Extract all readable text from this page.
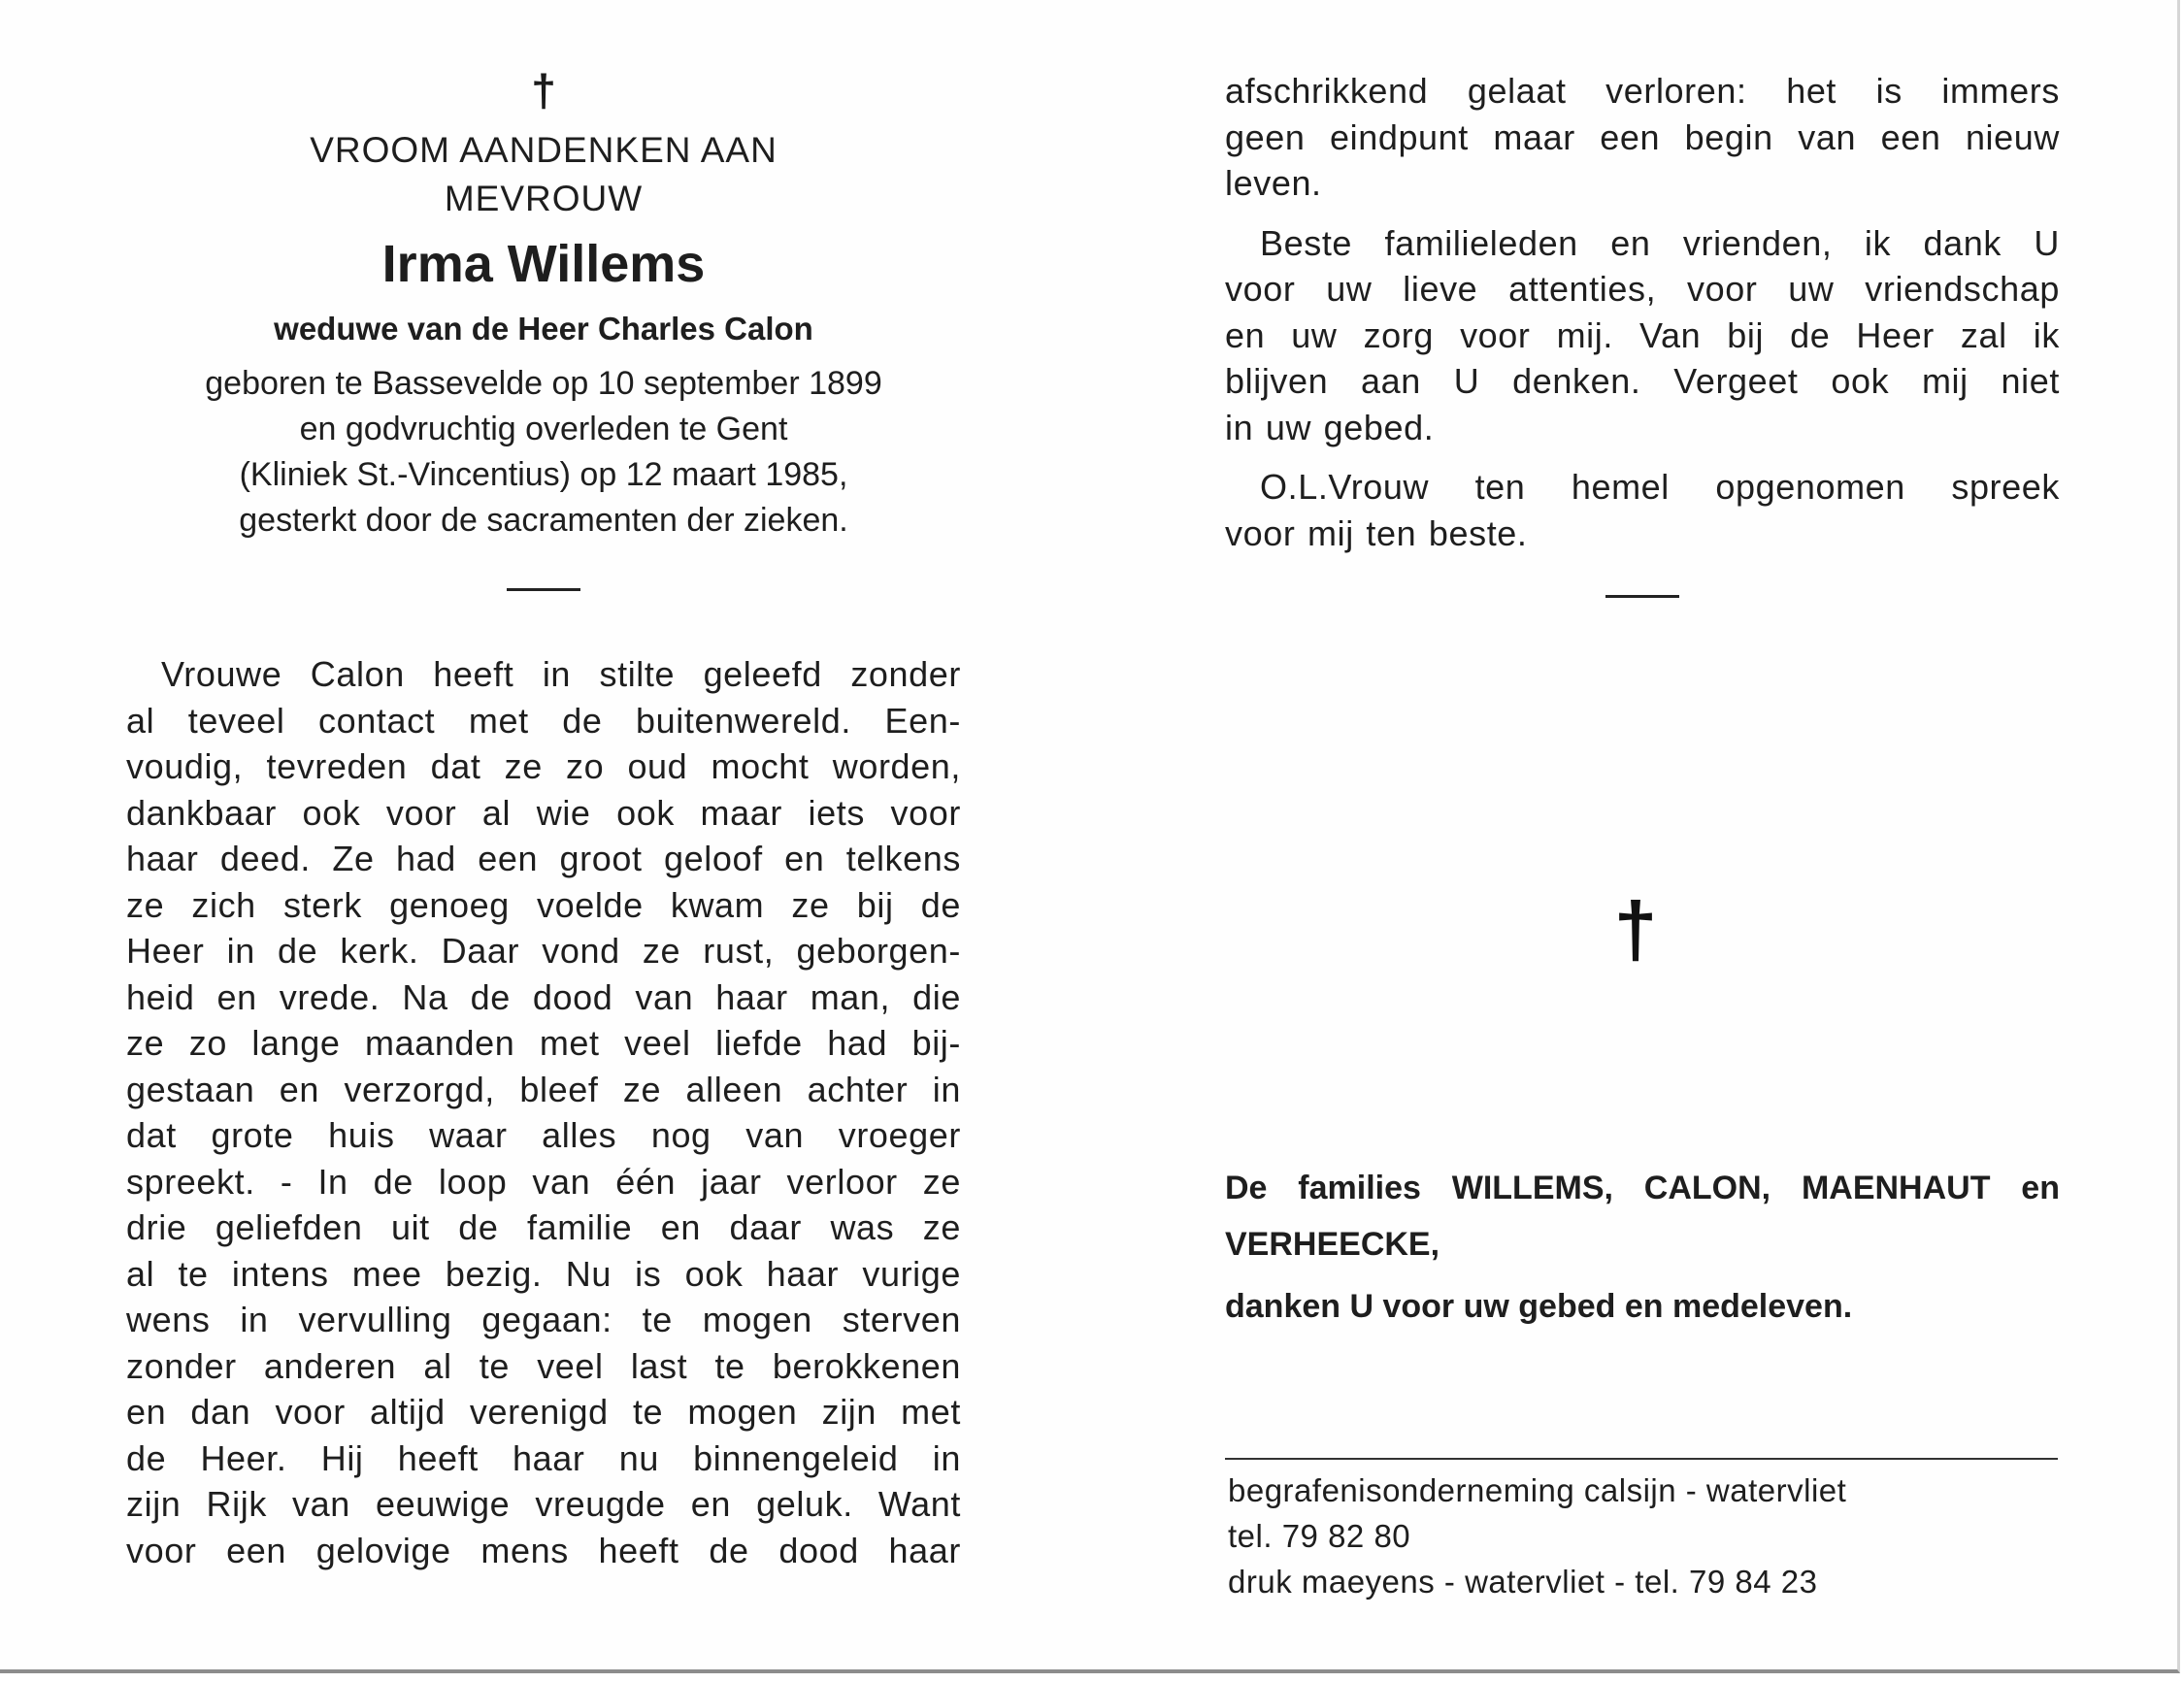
†
VROOM AANDENKEN AAN
MEVROUW
Irma Willems
weduwe van de Heer Charles Calon
geboren te Bassevelde op 10 september 1899
en godvruchtig overleden te Gent
(Kliniek St.-Vincentius) op 12 maart 1985,
gesterkt door de sacramenten der zieken.
Vrouwe Calon heeft in stilte geleefd zonder
al teveel contact met de buitenwereld. Een-
voudig, tevreden dat ze zo oud mocht worden,
dankbaar ook voor al wie ook maar iets voor
haar deed. Ze had een groot geloof en telkens
ze zich sterk genoeg voelde kwam ze bij de
Heer in de kerk. Daar vond ze rust, geborgen-
heid en vrede. Na de dood van haar man, die
ze zo lange maanden met veel liefde had bij-
gestaan en verzorgd, bleef ze alleen achter in
dat grote huis waar alles nog van vroeger
spreekt. - In de loop van één jaar verloor ze
drie geliefden uit de familie en daar was ze
al te intens mee bezig. Nu is ook haar vurige
wens in vervulling gegaan: te mogen sterven
zonder anderen al te veel last te berokkenen
en dan voor altijd verenigd te mogen zijn met
de Heer. Hij heeft haar nu binnengeleid in
zijn Rijk van eeuwige vreugde en geluk. Want
voor een gelovige mens heeft de dood haar
afschrikkend gelaat verloren: het is immers
geen eindpunt maar een begin van een nieuw
leven.
Beste familieleden en vrienden, ik dank U
voor uw lieve attenties, voor uw vriendschap
en uw zorg voor mij. Van bij de Heer zal ik
blijven aan U denken. Vergeet ook mij niet
in uw gebed.
O.L.Vrouw ten hemel opgenomen spreek
voor mij ten beste.
†
De families WILLEMS, CALON, MAENHAUT en
VERHEECKE,
danken U voor uw gebed en medeleven.
begrafenisonderneming calsijn - watervliet
tel. 79 82 80
druk maeyens - watervliet - tel. 79 84 23
